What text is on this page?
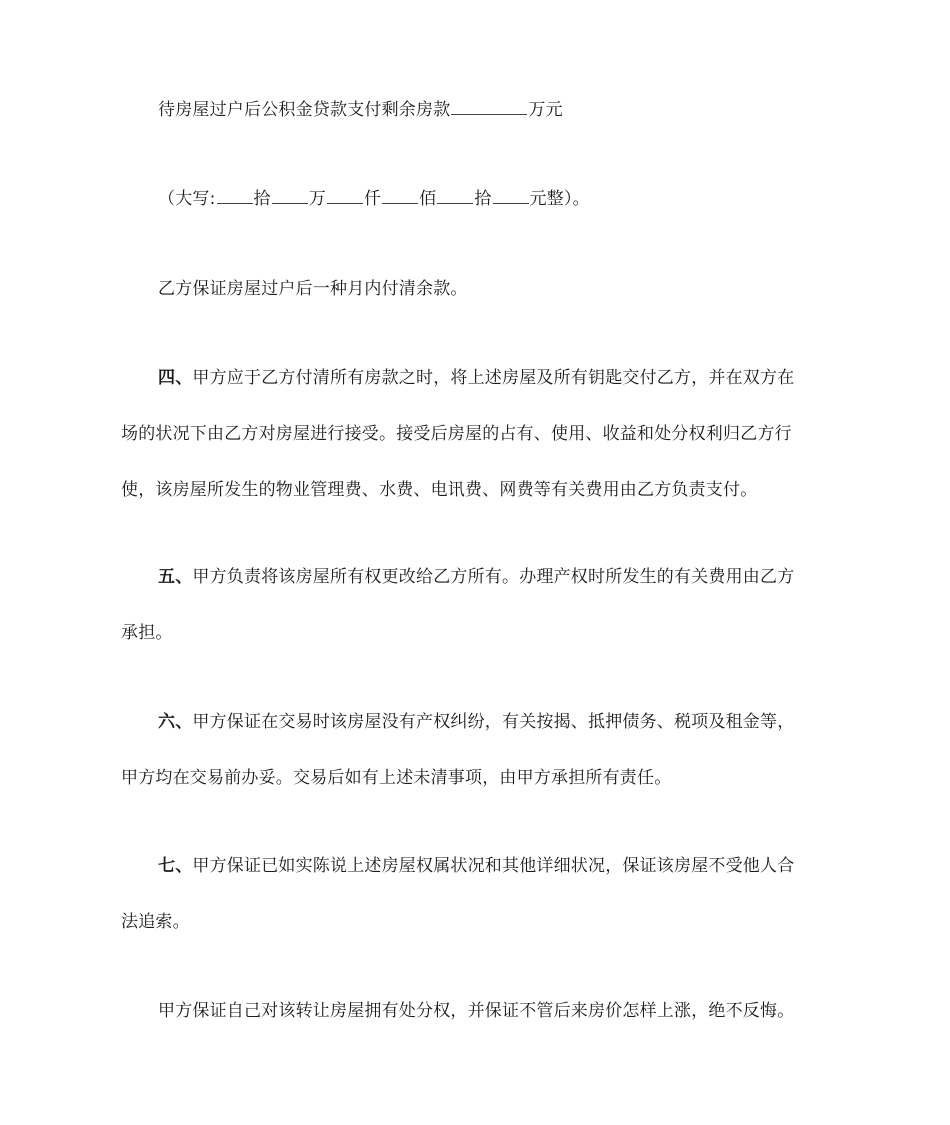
待房屋过户后公积金贷款支付剩余房款	万元
（大写: 拾 万 仟 佰 拾 元整）。
乙方保证房屋过户后一种月内付清余款。
四、甲方应于乙方付清所有房款之时，将上述房屋及所有钥匙交付乙方，并在双方在
场的状况下由乙方对房屋进行接受。接受后房屋的占有、使用、收益和处分权利归乙方行
使，该房屋所发生的物业管理费、水费、电讯费、网费等有关费用由乙方负责支付。
五、甲方负责将该房屋所有权更改给乙方所有。办理产权时所发生的有关费用由乙方
承担。
六、甲方保证在交易时该房屋没有产权纠纷，有关按揭、抵押债务、税项及租金等，
甲方均在交易前办妥。交易后如有上述未清事项，由甲方承担所有责任。
七、甲方保证已如实陈说上述房屋权属状况和其他详细状况，保证该房屋不受他人合
法追索。
甲方保证自己对该转让房屋拥有处分权，并保证不管后来房价怎样上涨，绝不反悔。
